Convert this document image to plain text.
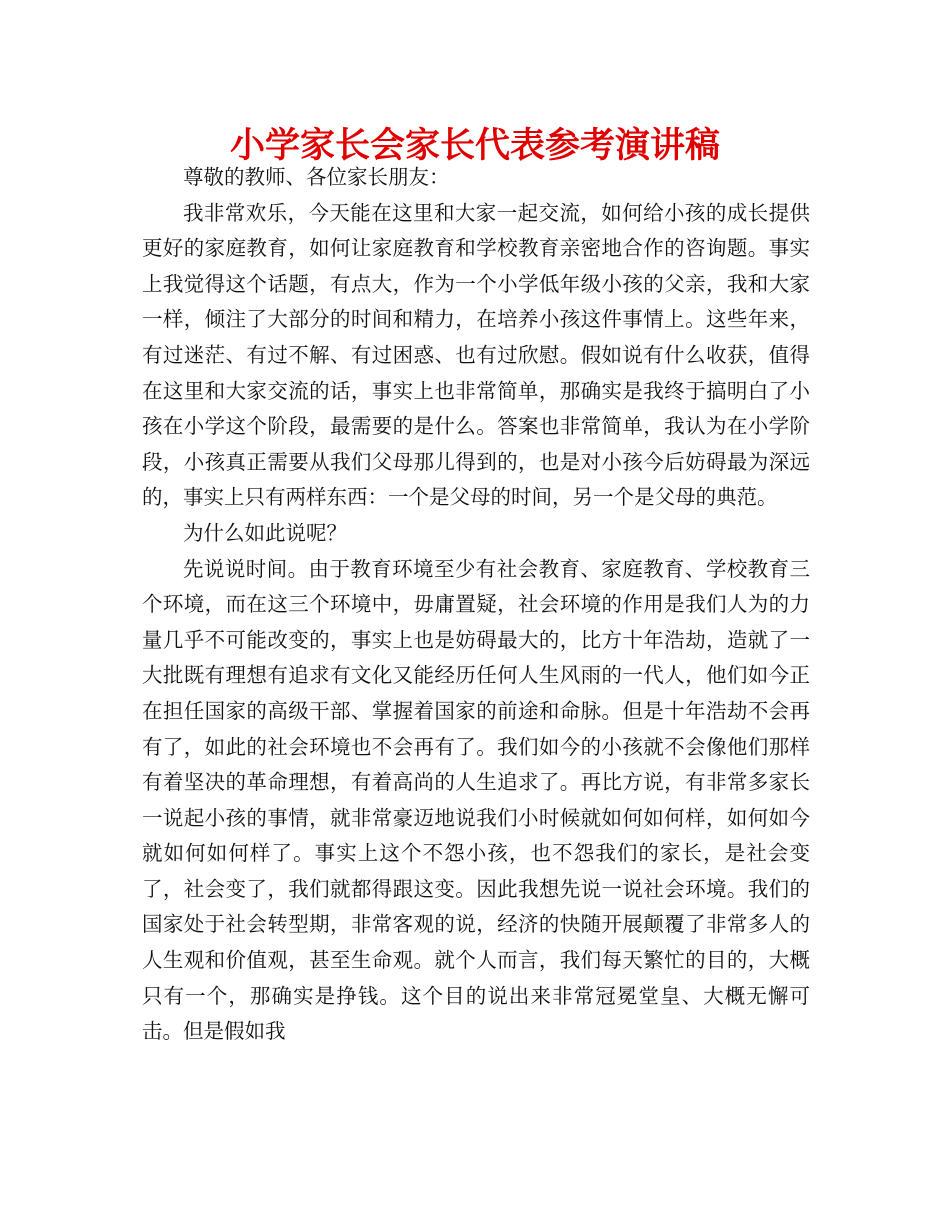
小学家长会家长代表参考演讲稿

尊敬的教师、各位家长朋友：

我非常欢乐，今天能在这里和大家一起交流，如何给小孩的成长提供更好的家庭教育，如何让家庭教育和学校教育亲密地合作的咨询题。事实上我觉得这个话题，有点大，作为一个小学低年级小孩的父亲，我和大家一样，倾注了大部分的时间和精力，在培养小孩这件事情上。这些年来，有过迷茫、有过不解、有过困惑、也有过欣慰。假如说有什么收获，值得在这里和大家交流的话，事实上也非常简单，那确实是我终于搞明白了小孩在小学这个阶段，最需要的是什么。答案也非常简单，我认为在小学阶段，小孩真正需要从我们父母那儿得到的，也是对小孩今后妨碍最为深远的，事实上只有两样东西：一个是父母的时间，另一个是父母的典范。

为什么如此说呢？

先说说时间。由于教育环境至少有社会教育、家庭教育、学校教育三个环境，而在这三个环境中，毋庸置疑，社会环境的作用是我们人为的力量几乎不可能改变的，事实上也是妨碍最大的，比方十年浩劫，造就了一大批既有理想有追求有文化又能经历任何人生风雨的一代人，他们如今正在担任国家的高级干部、掌握着国家的前途和命脉。但是十年浩劫不会再有了，如此的社会环境也不会再有了。我们如今的小孩就不会像他们那样有着坚决的革命理想，有着高尚的人生追求了。再比方说，有非常多家长一说起小孩的事情，就非常豪迈地说我们小时候就如何如何样，如何如今就如何如何样了。事实上这个不怨小孩，也不怨我们的家长，是社会变了，社会变了，我们就都得跟这变。因此我想先说一说社会环境。我们的国家处于社会转型期，非常客观的说，经济的快随开展颠覆了非常多人的人生观和价值观，甚至生命观。就个人而言，我们每天繁忙的目的，大概只有一个，那确实是挣钱。这个目的说出来非常冠冕堂皇、大概无懈可击。但是假如我
